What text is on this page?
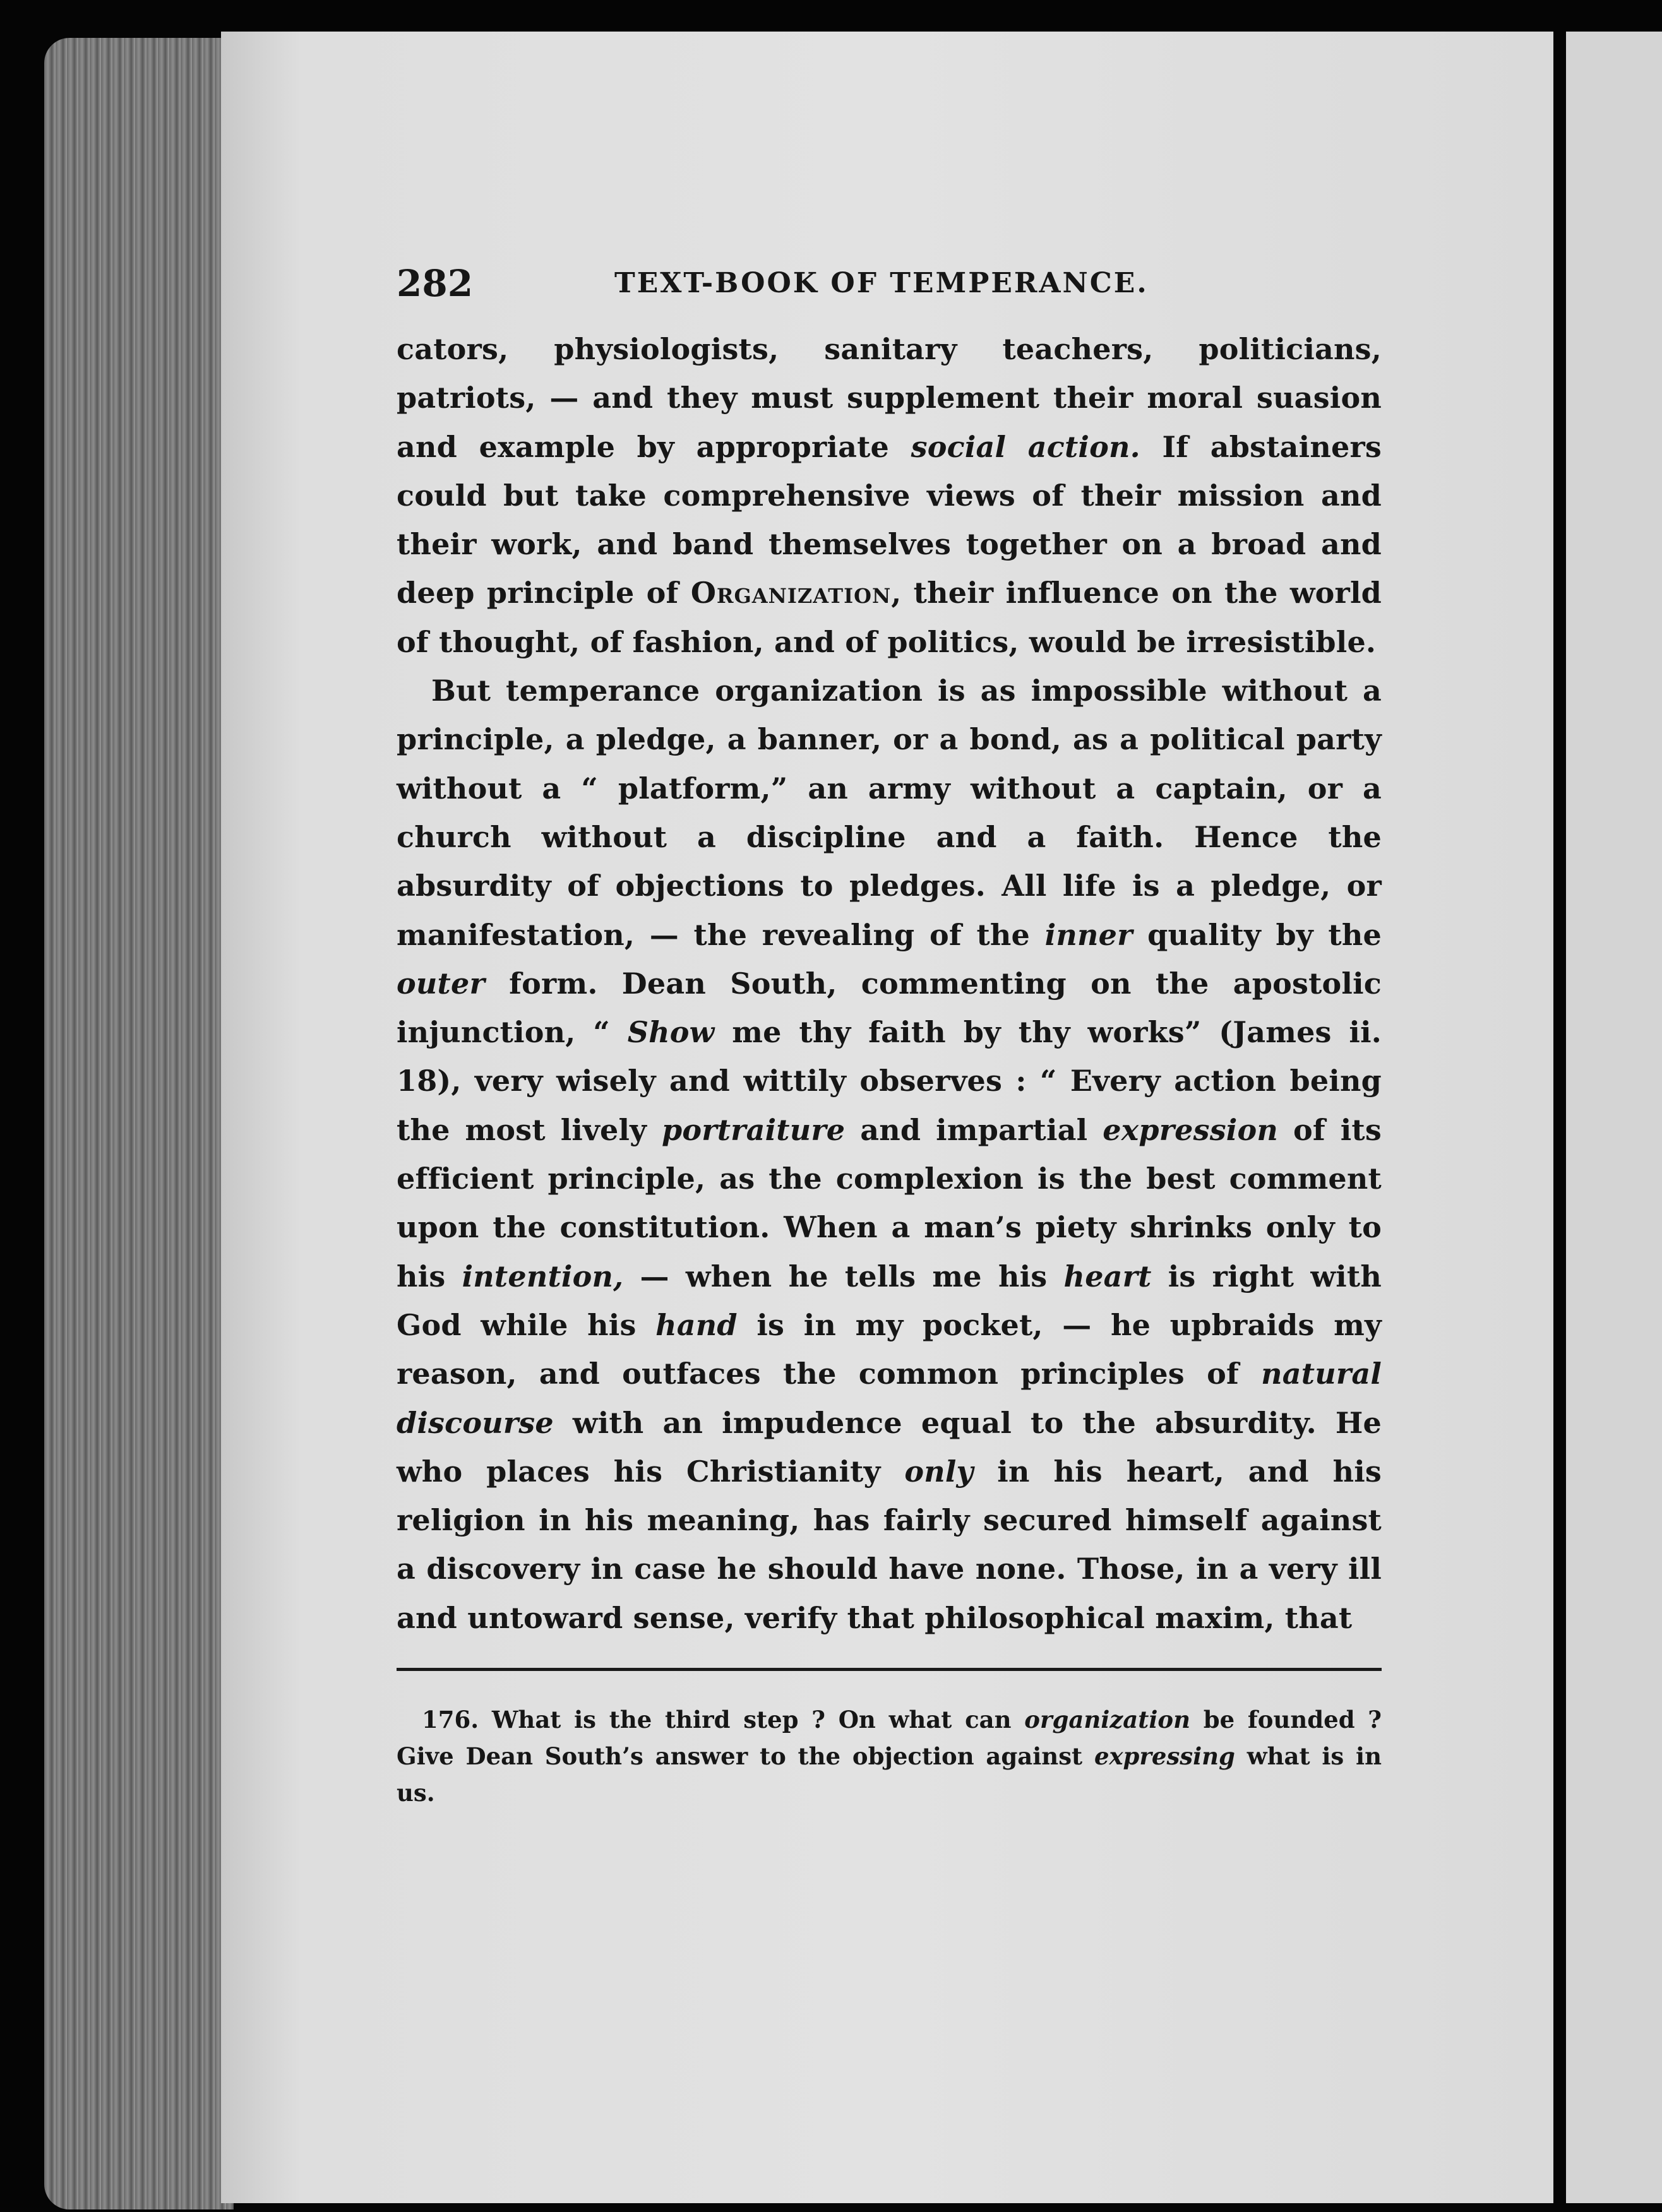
282	TEXT-BOOK OF TEMPERANCE.

cators, physiologists, sanitary teachers, politicians, patriots, — and they must supplement their moral suasion and example by appropriate social action. If abstainers could but take comprehensive views of their mission and their work, and band themselves together on a broad and deep principle of Organization, their influence on the world of thought, of fashion, and of politics, would be irresistible.

But temperance organization is as impossible without a principle, a pledge, a banner, or a bond, as a political party without a “ platform,” an army without a captain, or a church without a discipline and a faith. Hence the absurdity of objections to pledges. All life is a pledge, or manifestation, — the revealing of the inner quality by the outer form. Dean South, commenting on the apostolic injunction, “ Show me thy faith by thy works” (James ii. 18), very wisely and wittily observes : “ Every action being the most lively portraiture and impartial expression of its efficient principle, as the complexion is the best comment upon the constitution. When a man’s piety shrinks only to his intention, — when he tells me his heart is right with God while his hand is in my pocket, — he upbraids my reason, and outfaces the common principles of natural discourse with an impudence equal to the absurdity. He who places his Christianity only in his heart, and his religion in his meaning, has fairly secured himself against a discovery in case he should have none. Those, in a very ill and untoward sense, verify that philosophical maxim, that

176. What is the third step ? On what can organization be founded ? Give Dean South’s answer to the objection against expressing what is in us.
